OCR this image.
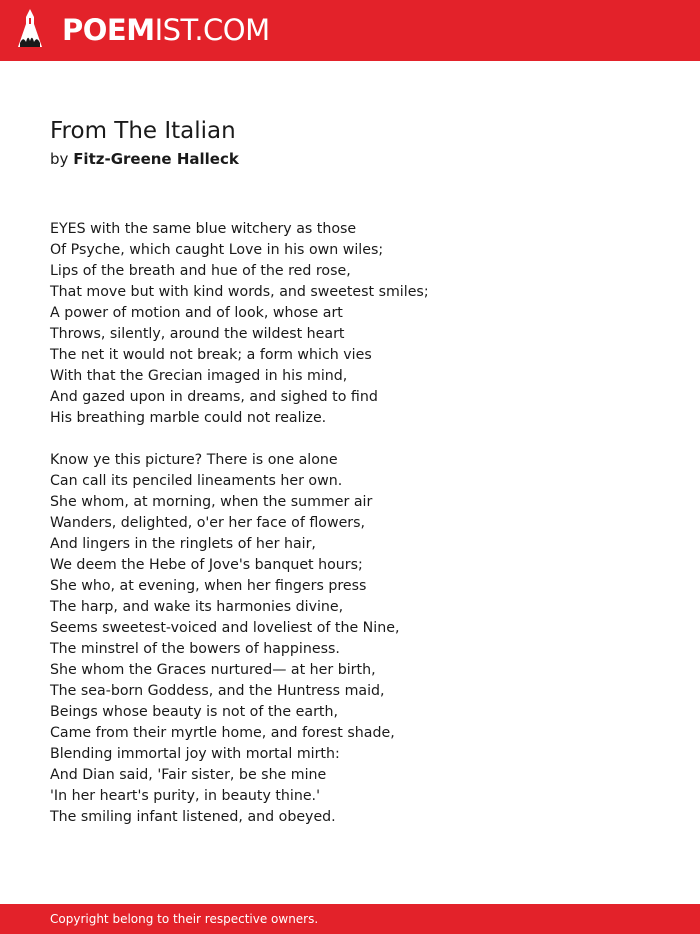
POEMIST.COM
From The Italian
by Fitz-Greene Halleck
EYES with the same blue witchery as those
Of Psyche, which caught Love in his own wiles;
Lips of the breath and hue of the red rose,
That move but with kind words, and sweetest smiles;
A power of motion and of look, whose art
Throws, silently, around the wildest heart
The net it would not break; a form which vies
With that the Grecian imaged in his mind,
And gazed upon in dreams, and sighed to find
His breathing marble could not realize.
Know ye this picture? There is one alone
Can call its penciled lineaments her own.
She whom, at morning, when the summer air
Wanders, delighted, o'er her face of flowers,
And lingers in the ringlets of her hair,
We deem the Hebe of Jove's banquet hours;
She who, at evening, when her fingers press
The harp, and wake its harmonies divine,
Seems sweetest-voiced and loveliest of the Nine,
The minstrel of the bowers of happiness.
She whom the Graces nurtured— at her birth,
The sea-born Goddess, and the Huntress maid,
Beings whose beauty is not of the earth,
Came from their myrtle home, and forest shade,
Blending immortal joy with mortal mirth:
And Dian said, 'Fair sister, be she mine
'In her heart's purity, in beauty thine.'
The smiling infant listened, and obeyed.
Copyright belong to their respective owners.
